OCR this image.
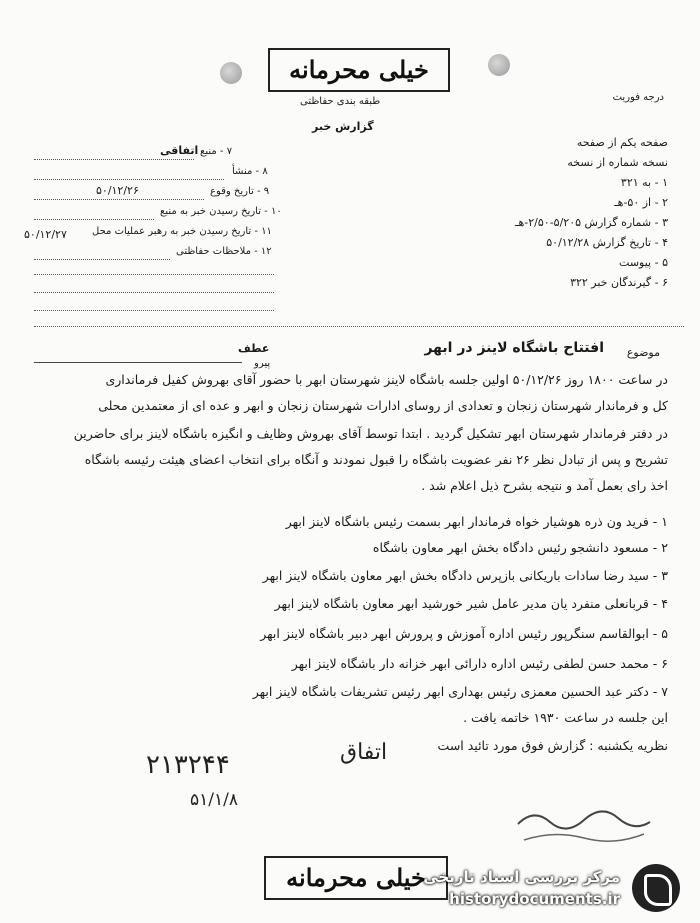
خیلی محرمانه
درجه فوریت
طبقه بندی حفاظتی
گزارش خبر
صفحه یکم از صفحه
نسخه شماره از نسخه
۱ - به ۳۲۱
۲ - از ۵۰-هـ
۳ - شماره گزارش ۵/۲۰۵-۲/۵۰-هـ
۴ - تاریخ گزارش ۵۰/۱۲/۲۸
۵ - پیوست
۶ - گیرندگان خبر ۳۲۲
۷ - منبع
اتفاقی
۸ - منشأ
۹ - تاریخ وقوع
۵۰/۱۲/۲۶
۱۰ - تاریخ رسیدن خبر به منبع
۱۱ - تاریخ رسیدن خبر به رهبر عملیات محل
۵۰/۱۲/۲۷
۱۲ - ملاحظات حفاظتی
عطف
پیرو
موضوع
افتتاح باشگاه لاینز در ابهر
در ساعت ۱۸۰۰ روز ۵۰/۱۲/۲۶ اولین جلسه باشگاه لاینز شهرستان ابهر با حضور آقای بهروش کفیل فرمانداری
کل و فرماندار شهرستان زنجان و تعدادی از روسای ادارات شهرستان زنجان و ابهر و عده ای از معتمدین محلی
در دفتر فرماندار شهرستان ابهر تشکیل گردید . ابتدا توسط آقای بهروش وظایف و انگیزه باشگاه لاینز برای حاضرین
تشریح و پس از تبادل نظر ۲۶ نفر عضویت باشگاه را قبول نمودند و آنگاه برای انتخاب اعضای هیئت رئیسه باشگاه
اخذ رای بعمل آمد و نتیجه بشرح ذیل اعلام شد .
۱ - فرید ون ذره هوشیار خواه فرماندار ابهر بسمت رئیس باشگاه لاینز ابهر
۲ - مسعود دانشجو رئیس دادگاه بخش ابهر معاون باشگاه
۳ - سید رضا سادات باریکانی بازپرس دادگاه بخش ابهر معاون باشگاه لاینز ابهر
۴ - قربانعلی منفرد یان مدیر عامل شیر خورشید ابهر معاون باشگاه لاینز ابهر
۵ - ابوالقاسم سنگرپور رئیس اداره آموزش و پرورش ابهر دبیر باشگاه لاینز ابهر
۶ - محمد حسن لطفی رئیس اداره دارائی ابهر خزانه دار باشگاه لاینز ابهر
۷ - دکتر عبد الحسین معمزی رئیس بهداری ابهر رئیس تشریفات باشگاه لاینز ابهر
این جلسه در ساعت ۱۹۳۰ خاتمه یافت .
نظریه یکشنبه : گزارش فوق مورد تائید است
اتفاق
۲۱۳۲۴۴
۵۱/۱/۸
خیلی محرمانه
مرکز بررسی اسناد تاریخی
historydocuments.ir
